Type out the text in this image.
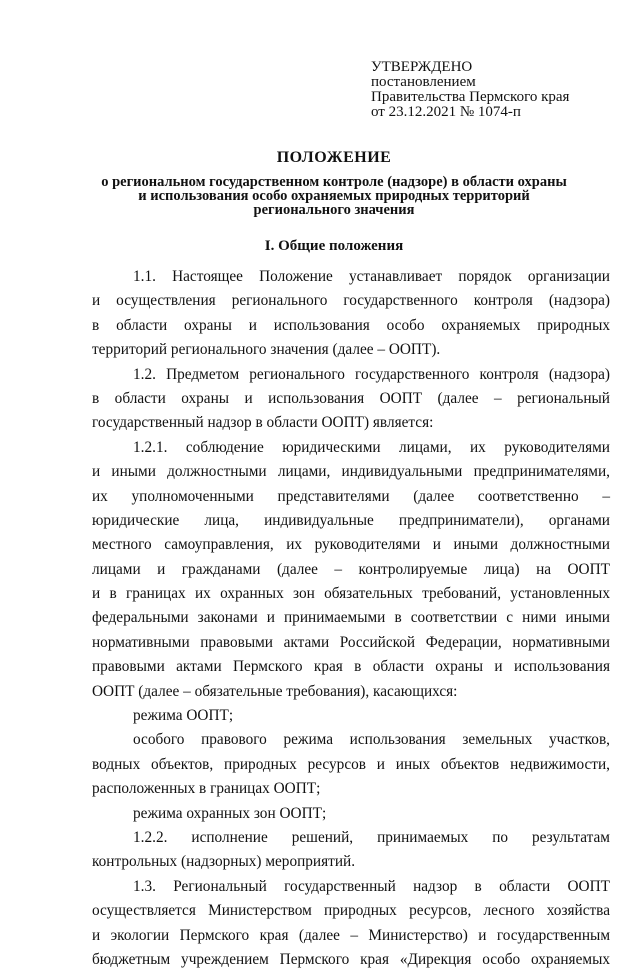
УТВЕРЖДЕНО
постановлением
Правительства Пермского края
от 23.12.2021 № 1074-п
ПОЛОЖЕНИЕ
о региональном государственном контроле (надзоре) в области охраны
и использования особо охраняемых природных территорий
регионального значения
I. Общие положения
1.1. Настоящее Положение устанавливает порядок организации
и осуществления регионального государственного контроля (надзора)
в области охраны и использования особо охраняемых природных
территорий регионального значения (далее – ООПТ).
1.2. Предметом регионального государственного контроля (надзора)
в области охраны и использования ООПТ (далее – региональный
государственный надзор в области ООПТ) является:
1.2.1. соблюдение юридическими лицами, их руководителями
и иными должностными лицами, индивидуальными предпринимателями,
их уполномоченными представителями (далее соответственно –
юридические лица, индивидуальные предприниматели), органами
местного самоуправления, их руководителями и иными должностными
лицами и гражданами (далее – контролируемые лица) на ООПТ
и в границах их охранных зон обязательных требований, установленных
федеральными законами и принимаемыми в соответствии с ними иными
нормативными правовыми актами Российской Федерации, нормативными
правовыми актами Пермского края в области охраны и использования
ООПТ (далее – обязательные требования), касающихся:
режима ООПТ;
особого правового режима использования земельных участков,
водных объектов, природных ресурсов и иных объектов недвижимости,
расположенных в границах ООПТ;
режима охранных зон ООПТ;
1.2.2. исполнение решений, принимаемых по результатам
контрольных (надзорных) мероприятий.
1.3. Региональный государственный надзор в области ООПТ
осуществляется Министерством природных ресурсов, лесного хозяйства
и экологии Пермского края (далее – Министерство) и государственным
бюджетным учреждением Пермского края «Дирекция особо охраняемых
